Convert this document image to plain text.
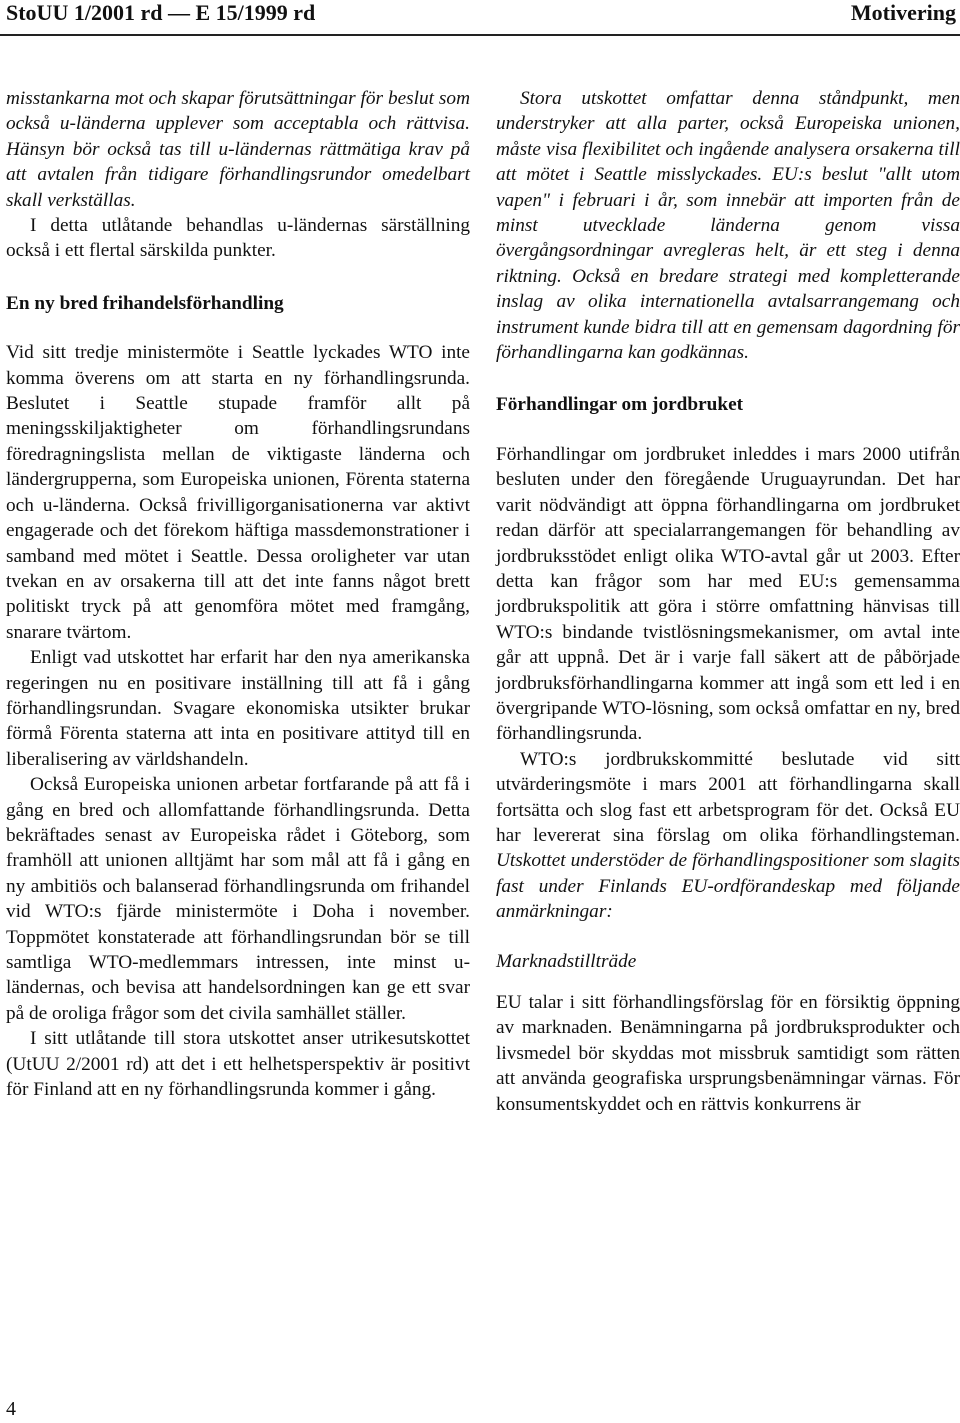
StoUU 1/2001 rd — E 15/1999 rd	Motivering

misstankarna mot och skapar förutsättningar för beslut som också u-länderna upplever som acceptabla och rättvisa. Hänsyn bör också tas till u-ländernas rättmätiga krav på att avtalen från tidigare förhandlingsrundor omedelbart skall verkställas.

I detta utlåtande behandlas u-ländernas särställning också i ett flertal särskilda punkter.

En ny bred frihandelsförhandling

Vid sitt tredje ministermöte i Seattle lyckades WTO inte komma överens om att starta en ny förhandlingsrunda. Beslutet i Seattle stupade framför allt på meningsskiljaktigheter om förhandlingsrundans föredragningslista mellan de viktigaste länderna och ländergrupperna, som Europeiska unionen, Förenta staterna och u-länderna. Också frivilligorganisationerna var aktivt engagerade och det förekom häftiga massdemonstrationer i samband med mötet i Seattle. Dessa oroligheter var utan tvekan en av orsakerna till att det inte fanns något brett politiskt tryck på att genomföra mötet med framgång, snarare tvärtom.

Enligt vad utskottet har erfarit har den nya amerikanska regeringen nu en positivare inställning till att få i gång förhandlingsrundan. Svagare ekonomiska utsikter brukar förmå Förenta staterna att inta en positivare attityd till en liberalisering av världshandeln.

Också Europeiska unionen arbetar fortfarande på att få i gång en bred och allomfattande förhandlingsrunda. Detta bekräftades senast av Europeiska rådet i Göteborg, som framhöll att unionen alltjämt har som mål att få i gång en ny ambitiös och balanserad förhandlingsrunda om frihandel vid WTO:s fjärde ministermöte i Doha i november. Toppmötet konstaterade att förhandlingsrundan bör se till samtliga WTO-medlemmars intressen, inte minst u-ländernas, och bevisa att handelsordningen kan ge ett svar på de oroliga frågor som det civila samhället ställer.

I sitt utlåtande till stora utskottet anser utrikesutskottet (UtUU 2/2001 rd) att det i ett helhetsperspektiv är positivt för Finland att en ny förhandlingsrunda kommer i gång.

Stora utskottet omfattar denna ståndpunkt, men understryker att alla parter, också Europeiska unionen, måste visa flexibilitet och ingående analysera orsakerna till att mötet i Seattle misslyckades. EU:s beslut "allt utom vapen" i februari i år, som innebär att importen från de minst utvecklade länderna genom vissa övergångsordningar avregleras helt, är ett steg i denna riktning. Också en bredare strategi med kompletterande inslag av olika internationella avtalsarrangemang och instrument kunde bidra till att en gemensam dagordning för förhandlingarna kan godkännas.

Förhandlingar om jordbruket

Förhandlingar om jordbruket inleddes i mars 2000 utifrån besluten under den föregående Uruguayrundan. Det har varit nödvändigt att öppna förhandlingarna om jordbruket redan därför att specialarrangemangen för behandling av jordbruksstödet enligt olika WTO-avtal går ut 2003. Efter detta kan frågor som har med EU:s gemensamma jordbrukspolitik att göra i större omfattning hänvisas till WTO:s bindande tvistlösningsmekanismer, om avtal inte går att uppnå. Det är i varje fall säkert att de påbörjade jordbruksförhandlingarna kommer att ingå som ett led i en övergripande WTO-lösning, som också omfattar en ny, bred förhandlingsrunda.

WTO:s jordbrukskommitté beslutade vid sitt utvärderingsmöte i mars 2001 att förhandlingarna skall fortsätta och slog fast ett arbetsprogram för det. Också EU har levererat sina förslag om olika förhandlingsteman. Utskottet understöder de förhandlingspositioner som slagits fast under Finlands EU-ordförandeskap med följande anmärkningar:

Marknadstillträde

EU talar i sitt förhandlingsförslag för en försiktig öppning av marknaden. Benämningarna på jordbruksprodukter och livsmedel bör skyddas mot missbruk samtidigt som rätten att använda geografiska ursprungsbenämningar värnas. För konsumentskyddet och en rättvis konkurrens är

4
